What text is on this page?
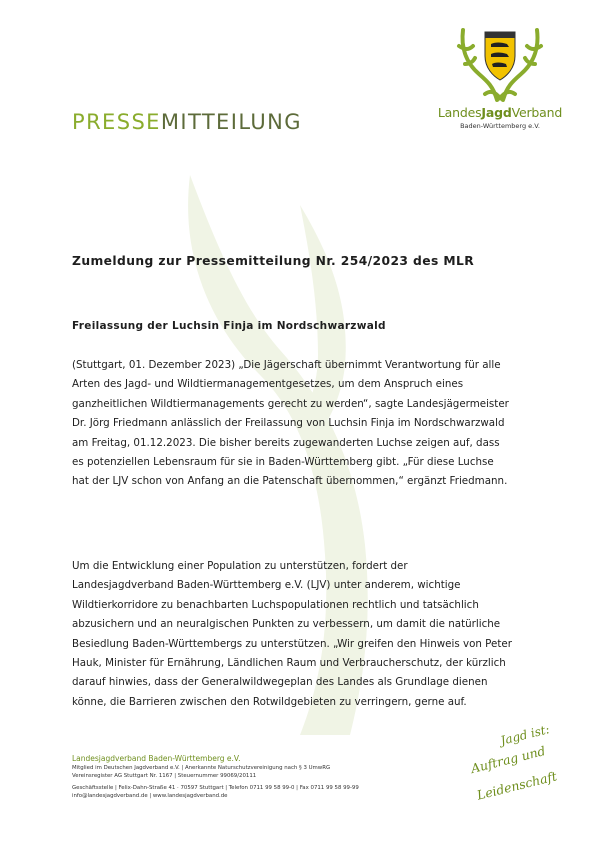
LandesJagdVerband
Baden-Württemberg e.V.
PRESSEMITTEILUNG

Zumeldung zur Pressemitteilung Nr. 254/2023 des MLR

Freilassung der Luchsin Finja im Nordschwarzwald

(Stuttgart, 01. Dezember 2023) „Die Jägerschaft übernimmt Verantwortung für alle Arten des Jagd- und Wildtiermanagementgesetzes, um dem Anspruch eines ganzheitlichen Wildtiermanagements gerecht zu werden“, sagte Landesjägermeister Dr. Jörg Friedmann anlässlich der Freilassung von Luchsin Finja im Nordschwarzwald am Freitag, 01.12.2023. Die bisher bereits zugewanderten Luchse zeigen auf, dass es potenziellen Lebensraum für sie in Baden-Württemberg gibt. „Für diese Luchse hat der LJV schon von Anfang an die Patenschaft übernommen,“ ergänzt Friedmann.

Um die Entwicklung einer Population zu unterstützen, fordert der Landesjagdverband Baden-Württemberg e.V. (LJV) unter anderem, wichtige Wildtierkorridore zu benachbarten Luchspopulationen rechtlich und tatsächlich abzusichern und an neuralgischen Punkten zu verbessern, um damit die natürliche Besiedlung Baden-Württembergs zu unterstützen. „Wir greifen den Hinweis von Peter Hauk, Minister für Ernährung, Ländlichen Raum und Verbraucherschutz, der kürzlich darauf hinwies, dass der Generalwildwegeplan des Landes als Grundlage dienen könne, die Barrieren zwischen den Rotwildgebieten zu verringern, gerne auf.

Landesjagdverband Baden-Württemberg e.V.

Mitglied im Deutschen Jagdverband e.V. | Anerkannte Naturschutzvereinigung nach § 3 UmwRG

Vereinsregister AG Stuttgart Nr. 1167 | Steuernummer 99069/20111

Geschäftsstelle | Felix-Dahn-Straße 41 · 70597 Stuttgart | Telefon 0711 99 58 99-0 | Fax 0711 99 58 99-99

info@landesjagdverband.de | www.landesjagdverband.de

Jagd ist:
Auftrag und
Leidenschaft
